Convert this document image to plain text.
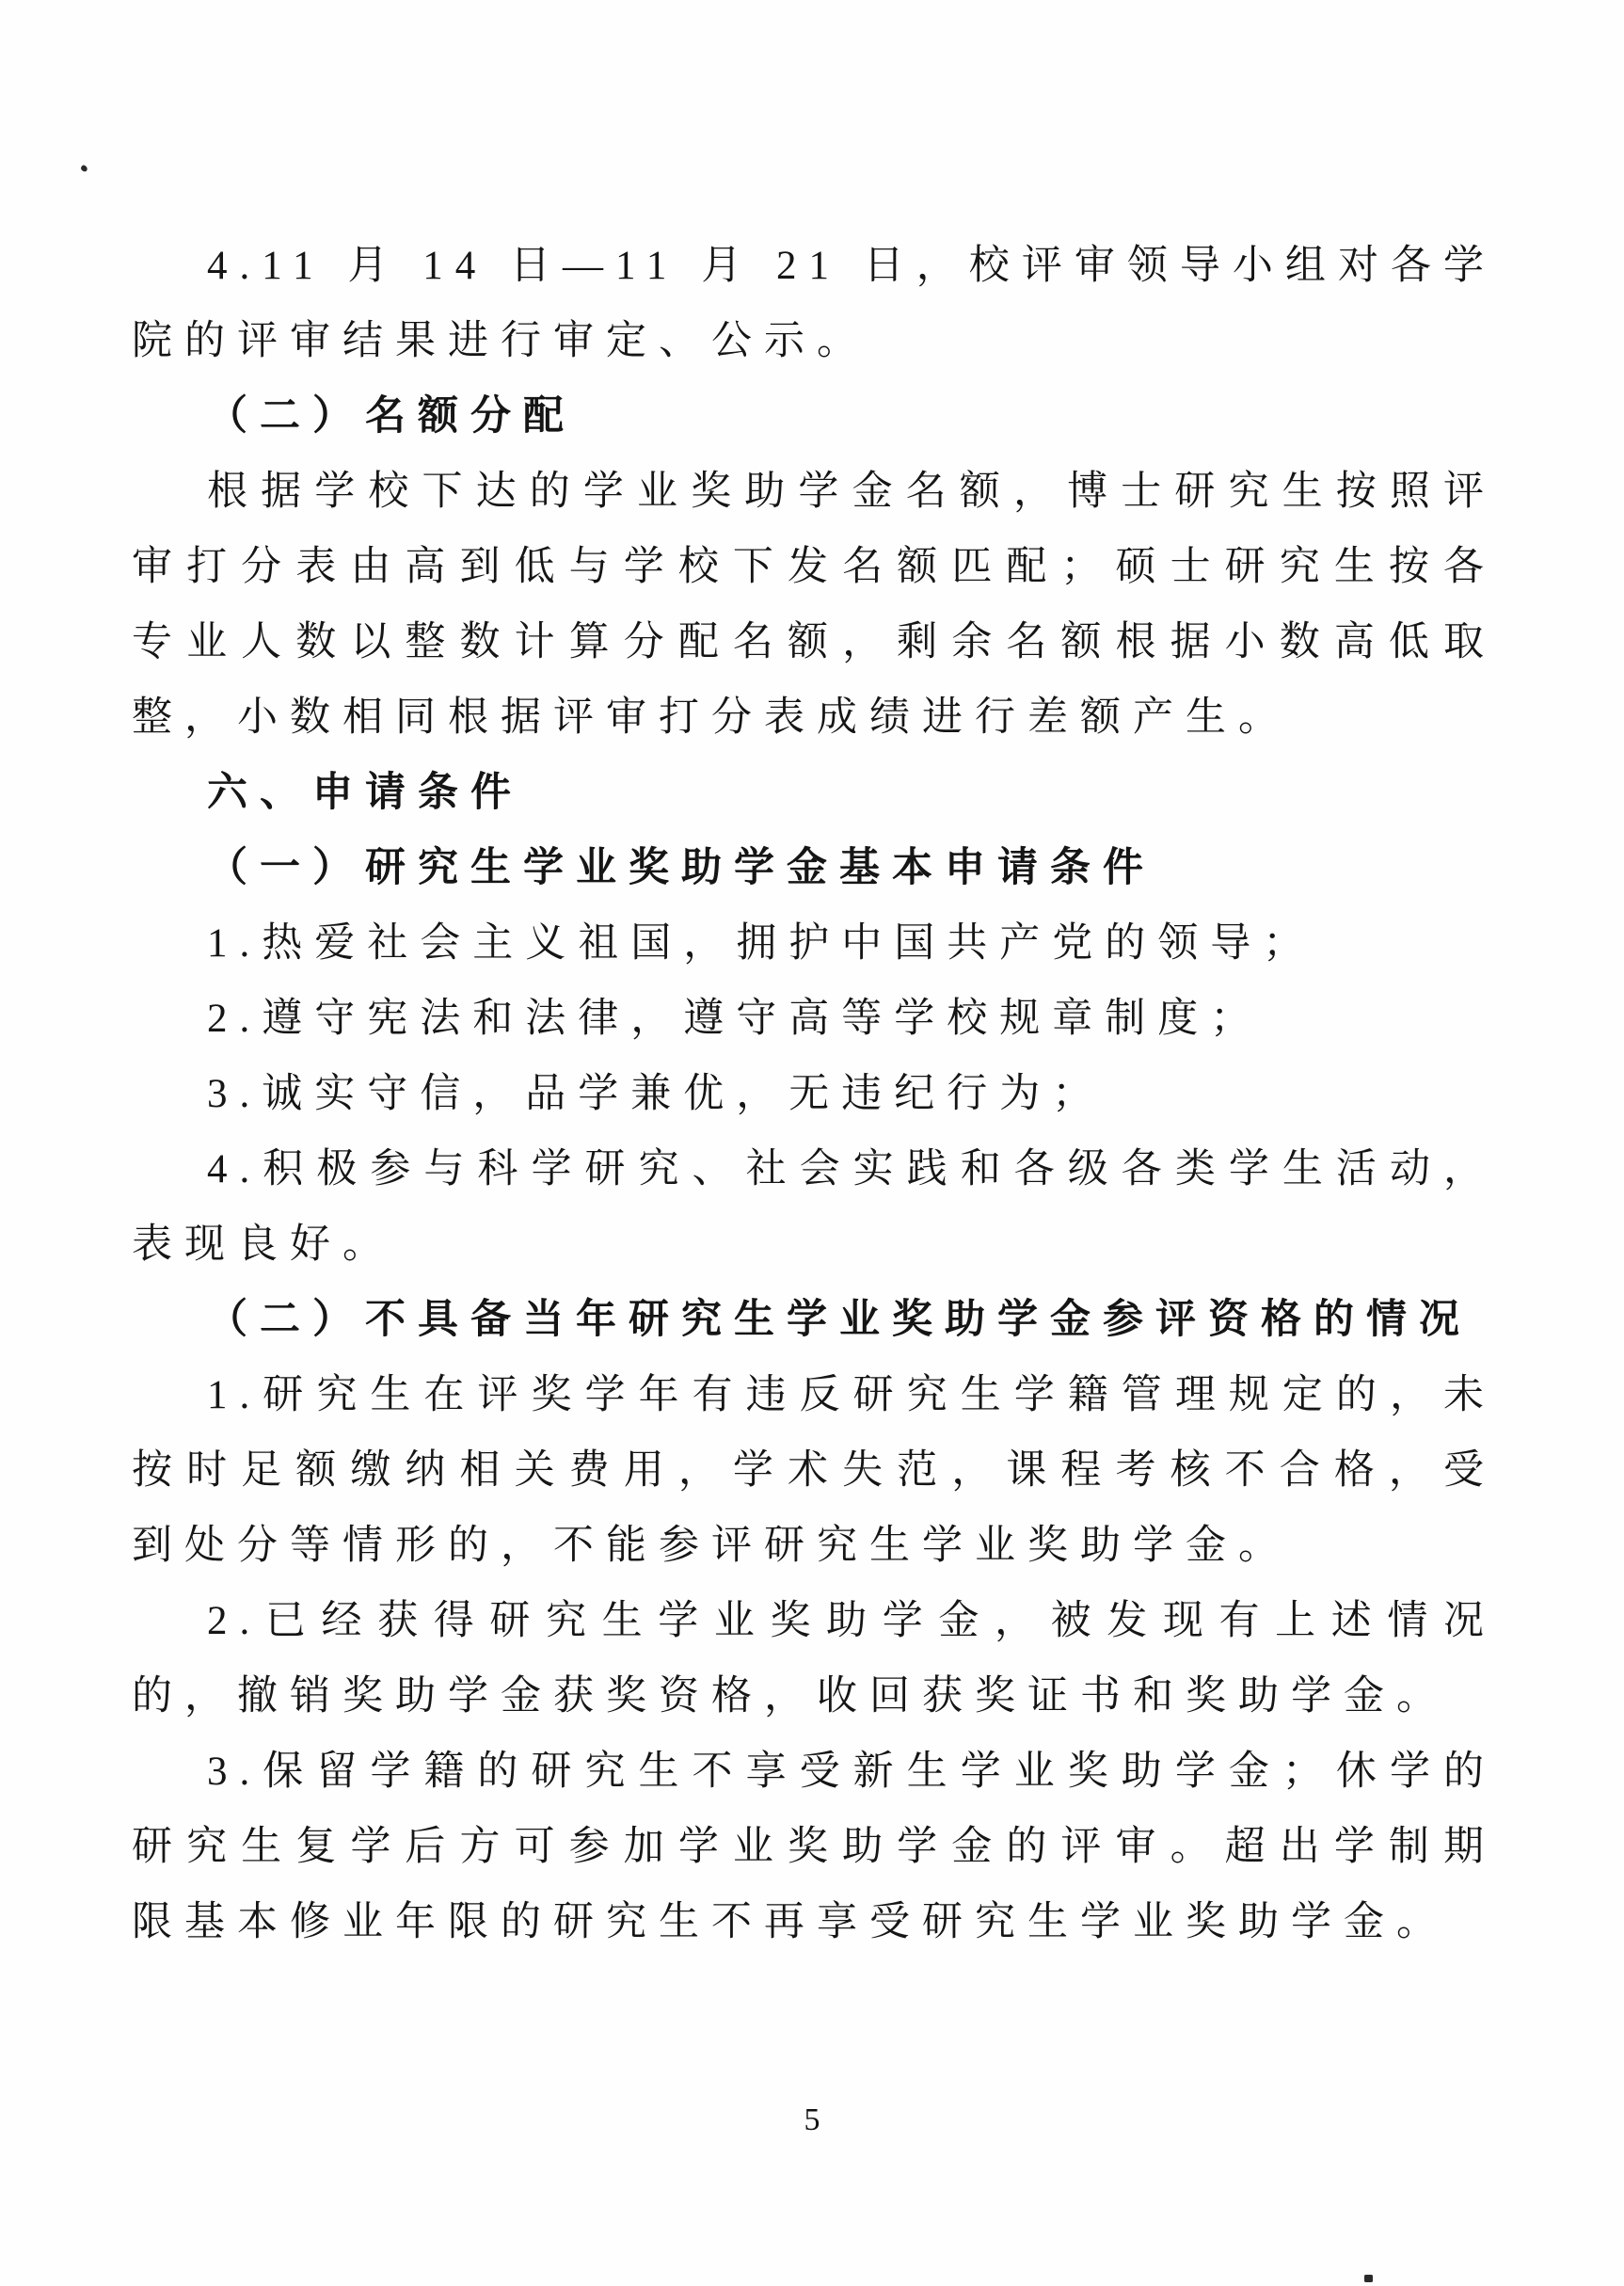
4.11 月 14 日—11 月 21 日，校评审领导小组对各学院的评审结果进行审定、公示。

（二）名额分配

根据学校下达的学业奖助学金名额，博士研究生按照评审打分表由高到低与学校下发名额匹配；硕士研究生按各专业人数以整数计算分配名额，剩余名额根据小数高低取整，小数相同根据评审打分表成绩进行差额产生。

六、申请条件

（一）研究生学业奖助学金基本申请条件

1.热爱社会主义祖国，拥护中国共产党的领导；

2.遵守宪法和法律，遵守高等学校规章制度；

3.诚实守信，品学兼优，无违纪行为；

4.积极参与科学研究、社会实践和各级各类学生活动，表现良好。

（二）不具备当年研究生学业奖助学金参评资格的情况

1.研究生在评奖学年有违反研究生学籍管理规定的，未按时足额缴纳相关费用，学术失范，课程考核不合格，受到处分等情形的，不能参评研究生学业奖助学金。

2.已经获得研究生学业奖助学金，被发现有上述情况的，撤销奖助学金获奖资格，收回获奖证书和奖助学金。

3.保留学籍的研究生不享受新生学业奖助学金；休学的研究生复学后方可参加学业奖助学金的评审。超出学制期限基本修业年限的研究生不再享受研究生学业奖助学金。

5
